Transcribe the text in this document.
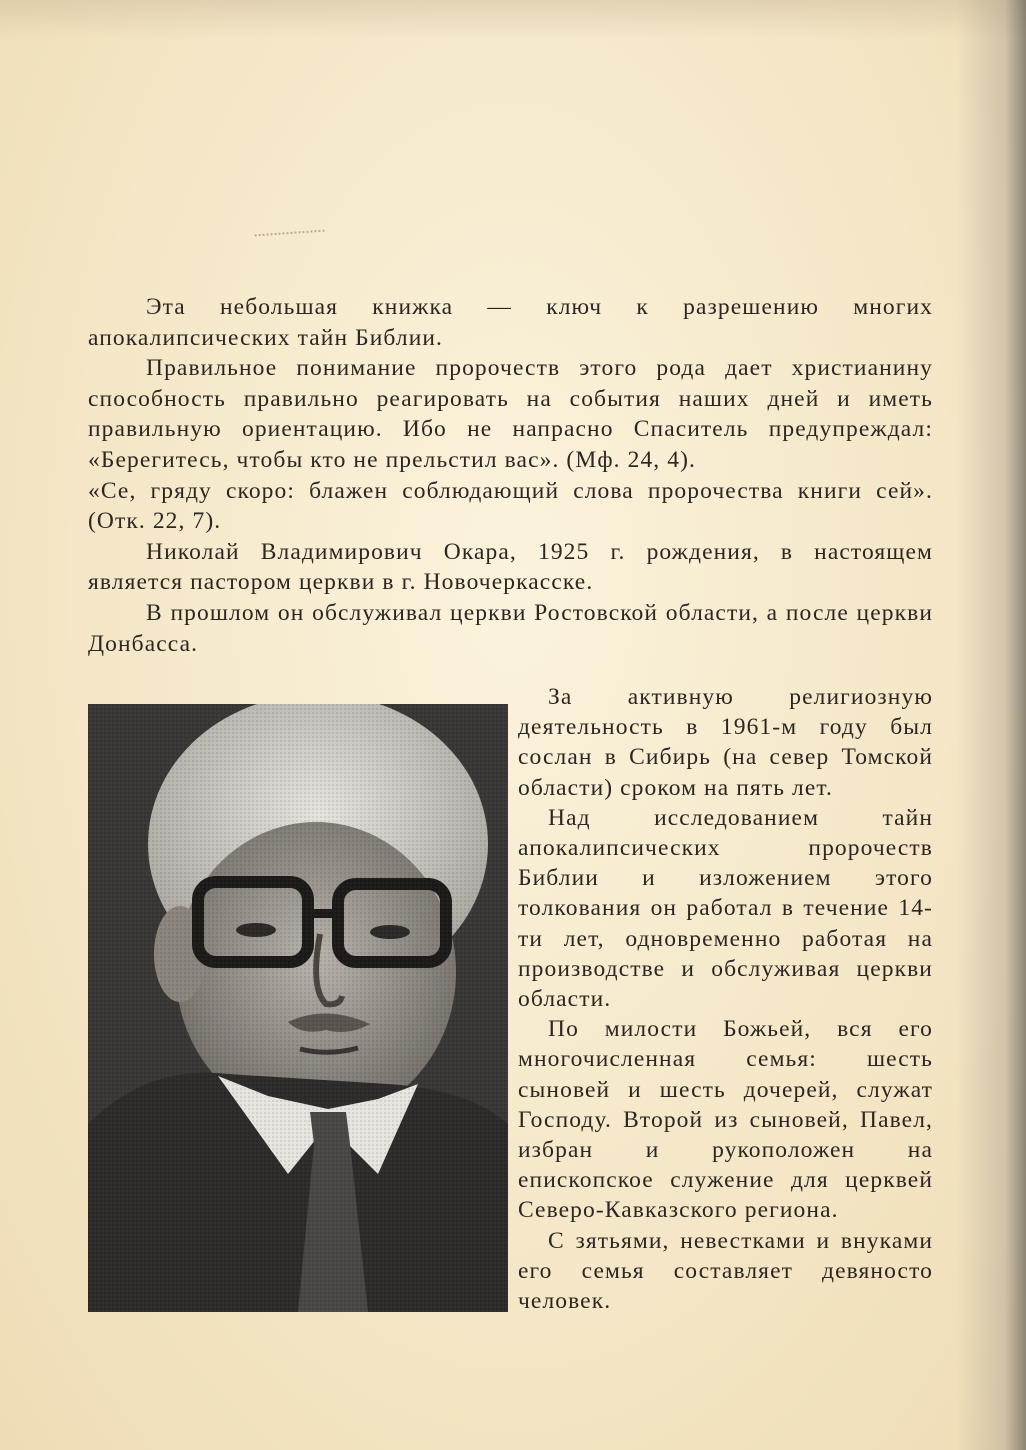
Эта небольшая книжка — ключ к разрешению многих апокалипсических тайн Библии.

Правильное понимание пророчеств этого рода дает христианину способность правильно реагировать на события наших дней и иметь правильную ориентацию. Ибо не напрасно Спаситель предупреждал: «Берегитесь, чтобы кто не прельстил вас». (Мф. 24, 4).

«Се, гряду скоро: блажен соблюдающий слова пророчества книги сей». (Отк. 22, 7).

Николай Владимирович Окара, 1925 г. рождения, в настоящем является пастором церкви в г. Новочеркасске.

В прошлом он обслуживал церкви Ростовской области, а после церкви Донбасса.

За активную религиозную деятельность в 1961-м году был сослан в Сибирь (на север Томской области) сроком на пять лет.

Над исследованием тайн апокалипсических пророчеств Библии и изложением этого толкования он работал в течение 14-ти лет, одновременно работая на производстве и обслуживая церкви области.

По милости Божьей, вся его многочисленная семья: шесть сыновей и шесть дочерей, служат Господу. Второй из сыновей, Павел, избран и рукоположен на епископское служение для церквей Северо-Кавказского региона.

С зятьями, невестками и внуками его семья составляет девяносто человек.
